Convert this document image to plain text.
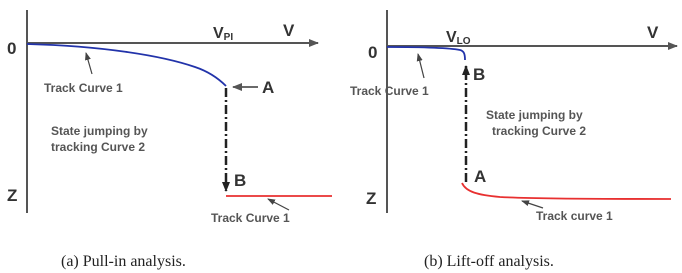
0
Z
V
VPI
A
B
Track Curve 1
State jumping by
tracking Curve 2
Track Curve 1
(a) Pull-in analysis.
0
Z
V
VLO
A
B
Track Curve 1
State jumping by
tracking Curve 2
Track curve 1
(b) Lift-off analysis.
